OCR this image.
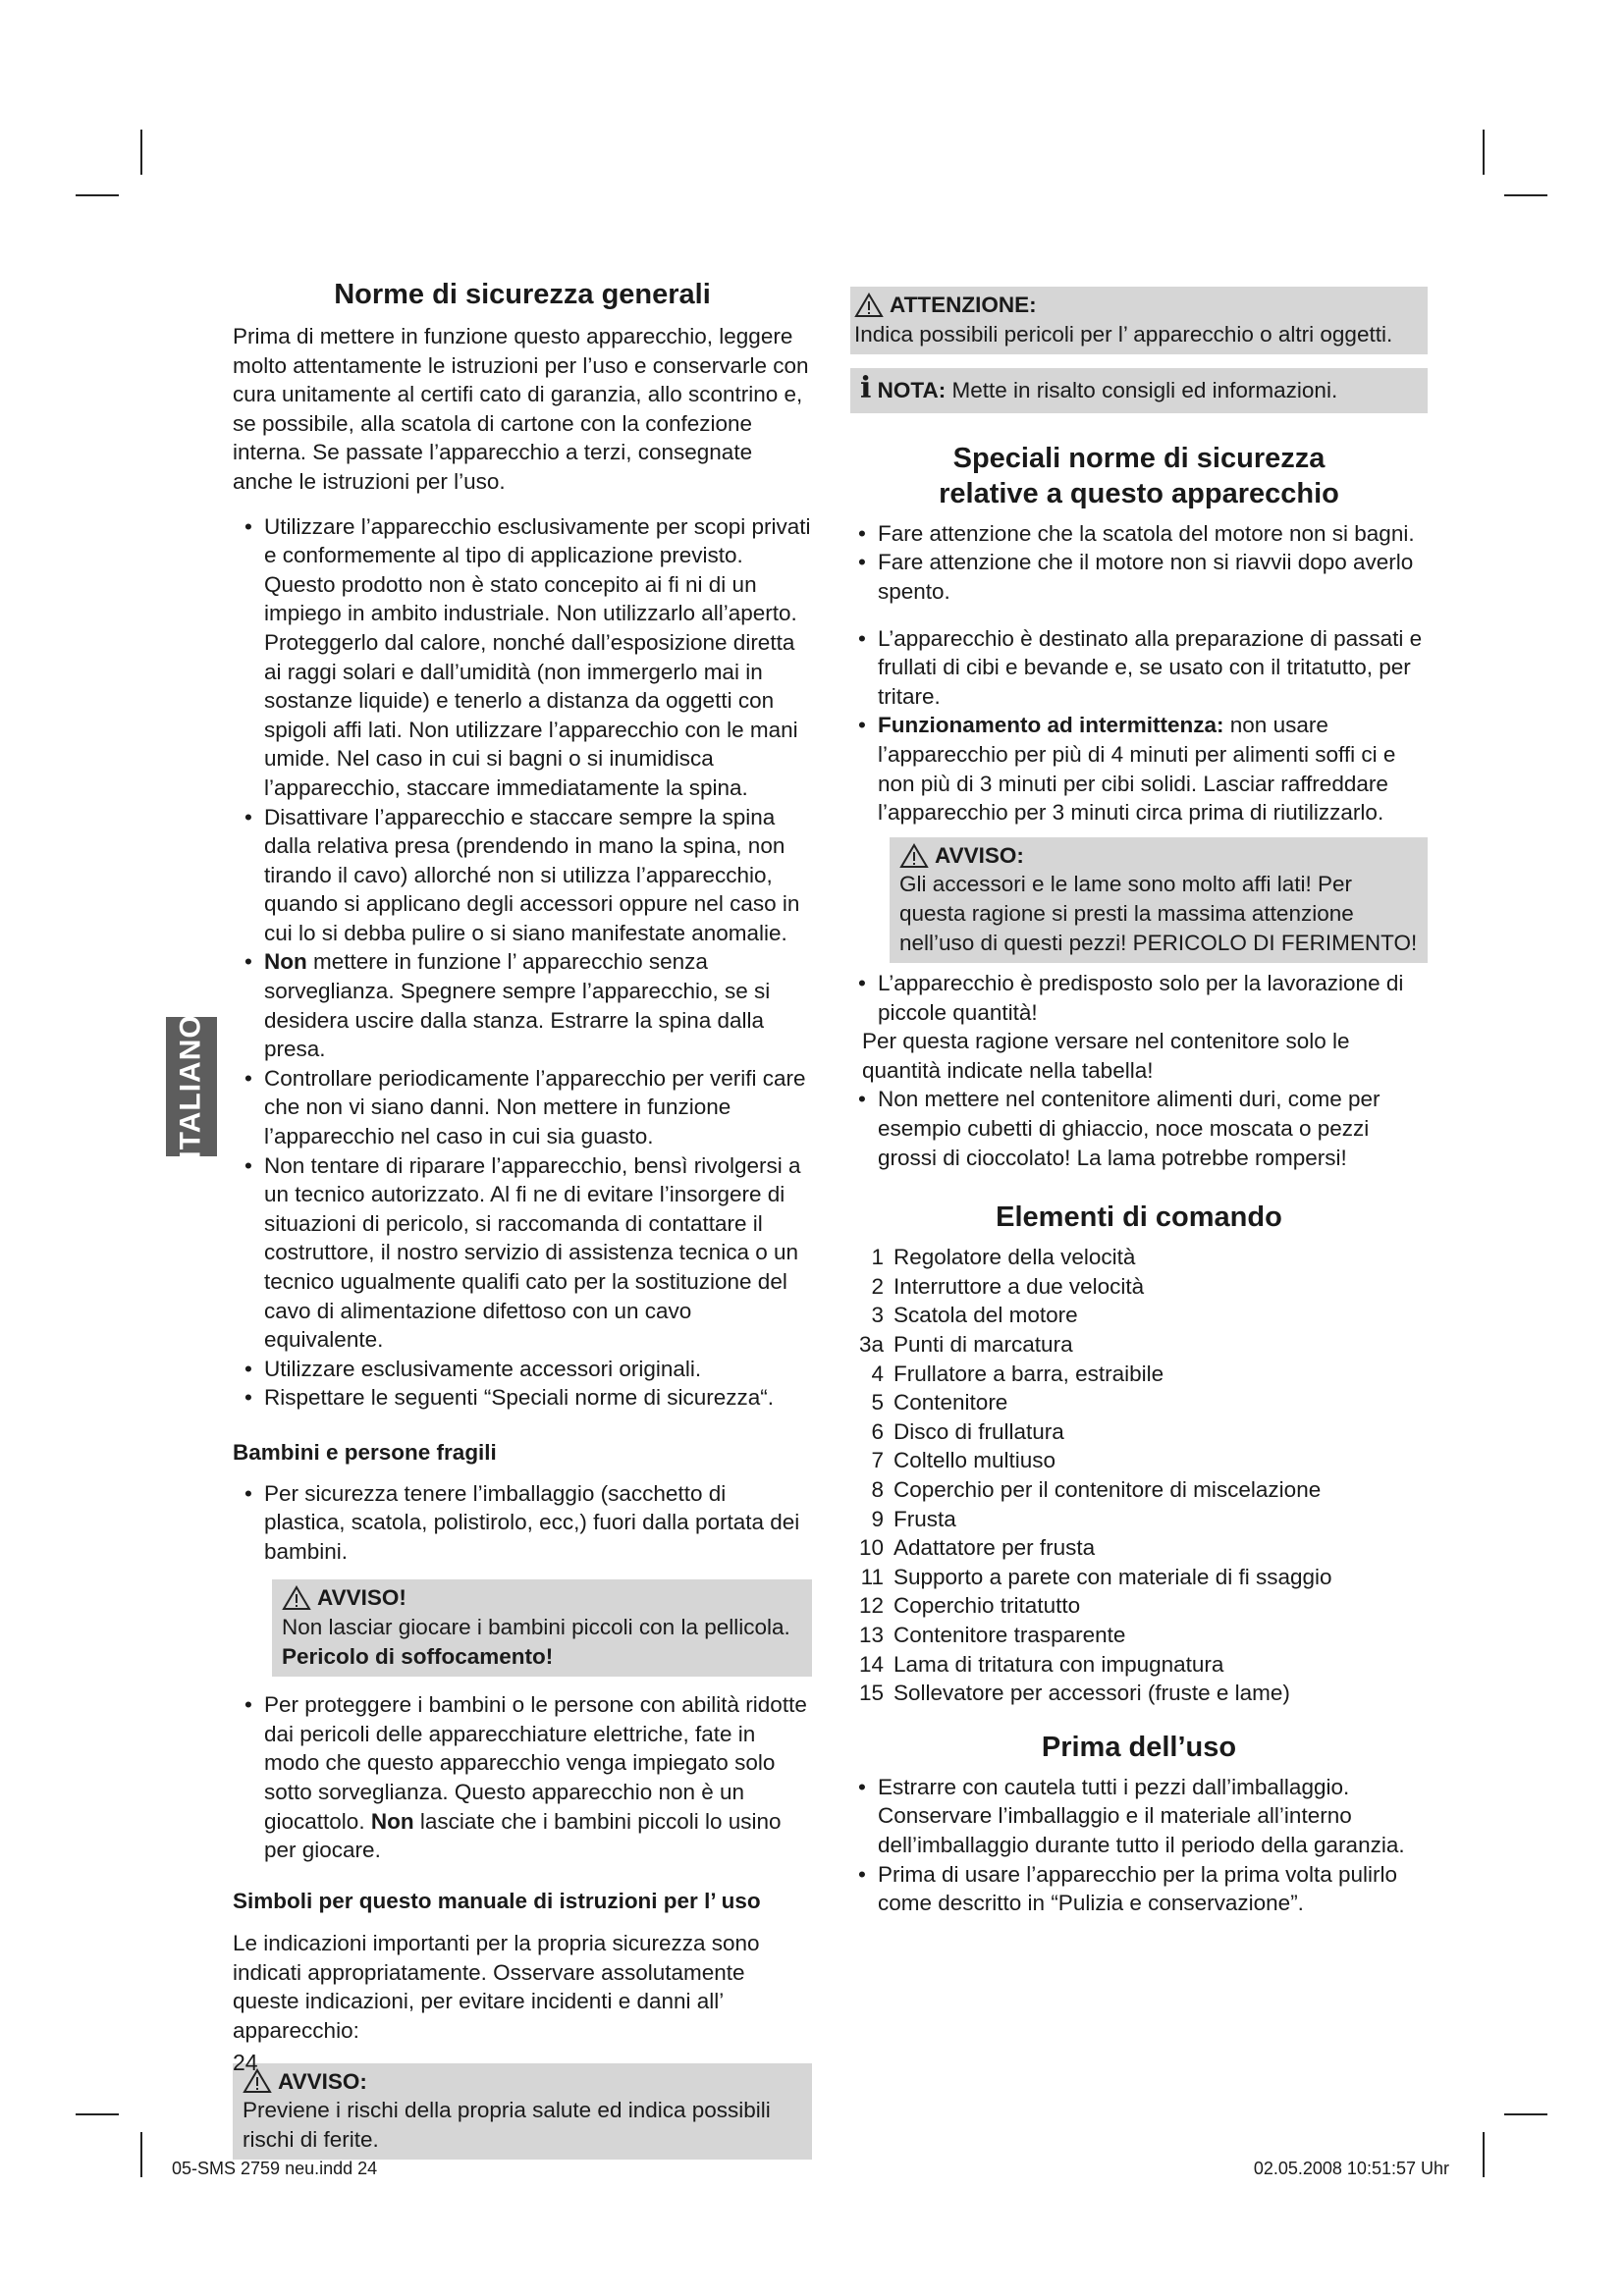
ITALIANO
Norme di sicurezza generali

Prima di mettere in funzione questo apparecchio, leggere molto attentamente le istruzioni per l’uso e conservarle con cura unitamente al certifi cato di garanzia, allo scontrino e, se possibile, alla scatola di cartone con la confezione interna. Se passate l’apparecchio a terzi, consegnate anche le istruzioni per l’uso.

• Utilizzare l’apparecchio esclusivamente per scopi privati e conformemente al tipo di applicazione previsto. Questo prodotto non è stato concepito ai fi ni di un impiego in ambito industriale. Non utilizzarlo all’aperto. Proteggerlo dal calore, nonché dall’esposizione diretta ai raggi solari e dall’umidità (non immergerlo mai in sostanze liquide) e tenerlo a distanza da oggetti con spigoli affi lati. Non utilizzare l’apparecchio con le mani umide. Nel caso in cui si bagni o si inumidisca l’apparecchio, staccare immediatamente la spina.
• Disattivare l’apparecchio e staccare sempre la spina dalla relativa presa (prendendo in mano la spina, non tirando il cavo) allorché non si utilizza l’apparecchio, quando si applicano degli accessori oppure nel caso in cui lo si debba pulire o si siano manifestate anomalie.
• Non mettere in funzione l’ apparecchio senza sorveglianza. Spegnere sempre l’apparecchio, se si desidera uscire dalla stanza. Estrarre la spina dalla presa.
• Controllare periodicamente l’apparecchio per verifi care che non vi siano danni. Non mettere in funzione l’apparecchio nel caso in cui sia guasto.
• Non tentare di riparare l’apparecchio, bensì rivolgersi a un tecnico autorizzato. Al fi ne di evitare l’insorgere di situazioni di pericolo, si raccomanda di contattare il costruttore, il nostro servizio di assistenza tecnica o un tecnico ugualmente qualifi cato per la sostituzione del cavo di alimentazione difettoso con un cavo equivalente.
• Utilizzare esclusivamente accessori originali.
• Rispettare le seguenti “Speciali norme di sicurezza“.
Bambini e persone fragili
• Per sicurezza tenere l’imballaggio (sacchetto di plastica, scatola, polistirolo, ecc,) fuori dalla portata dei bambini.
AVVISO!

Non lasciar giocare i bambini piccoli con la pellicola.

Pericolo di soffocamento!

• Per proteggere i bambini o le persone con abilità ridotte dai pericoli delle apparecchiature elettriche, fate in modo che questo apparecchio venga impiegato solo sotto sorveglianza. Questo apparecchio non è un giocattolo. Non lasciate che i bambini piccoli lo usino per giocare.
Simboli per questo manuale di istruzioni per l’ uso

Le indicazioni importanti per la propria sicurezza sono indicati appropriatamente. Osservare assolutamente queste indicazioni, per evitare incidenti e danni all’ apparecchio:

AVVISO:

Previene i rischi della propria salute ed indica possibili rischi di ferite.

ATTENZIONE:

Indica possibili pericoli per l’ apparecchio o altri oggetti.

i NOTA: Mette in risalto consigli ed informazioni.
Speciali norme di sicurezza
relative a questo apparecchio
• Fare attenzione che la scatola del motore non si bagni.
• Fare attenzione che il motore non si riavvii dopo averlo spento.
• L’apparecchio è destinato alla preparazione di passati e frullati di cibi e bevande e, se usato con il tritatutto, per tritare.
• Funzionamento ad intermittenza: non usare l’apparecchio per più di 4 minuti per alimenti soffi ci e non più di 3 minuti per cibi solidi. Lasciar raffreddare l’apparecchio per 3 minuti circa prima di riutilizzarlo.
AVVISO:

Gli accessori e le lame sono molto affi lati! Per questa ragione si presti la massima attenzione nell’uso di questi pezzi! PERICOLO DI FERIMENTO!

• L’apparecchio è predisposto solo per la lavorazione di piccole quantità!

Per questa ragione versare nel contenitore solo le quantità indicate nella tabella!

• Non mettere nel contenitore alimenti duri, come per esempio cubetti di ghiaccio, noce moscata o pezzi grossi di cioccolato! La lama potrebbe rompersi!
Elementi di comando
1 Regolatore della velocità
2 Interruttore a due velocità
3 Scatola del motore
3a Punti di marcatura
4 Frullatore a barra, estraibile
5 Contenitore
6 Disco di frullatura
7 Coltello multiuso
8 Coperchio per il contenitore di miscelazione
9 Frusta
10 Adattatore per frusta
11 Supporto a parete con materiale di fi ssaggio
12 Coperchio tritatutto
13 Contenitore trasparente
14 Lama di tritatura con impugnatura
15 Sollevatore per accessori (fruste e lame)
Prima dell’uso
• Estrarre con cautela tutti i pezzi dall’imballaggio. Conservare l’imballaggio e il materiale all’interno dell’imballaggio durante tutto il periodo della garanzia.
• Prima di usare l’apparecchio per la prima volta pulirlo come descritto in “Pulizia e conservazione”.
24
05-SMS 2759 neu.indd 24	02.05.2008 10:51:57 Uhr
